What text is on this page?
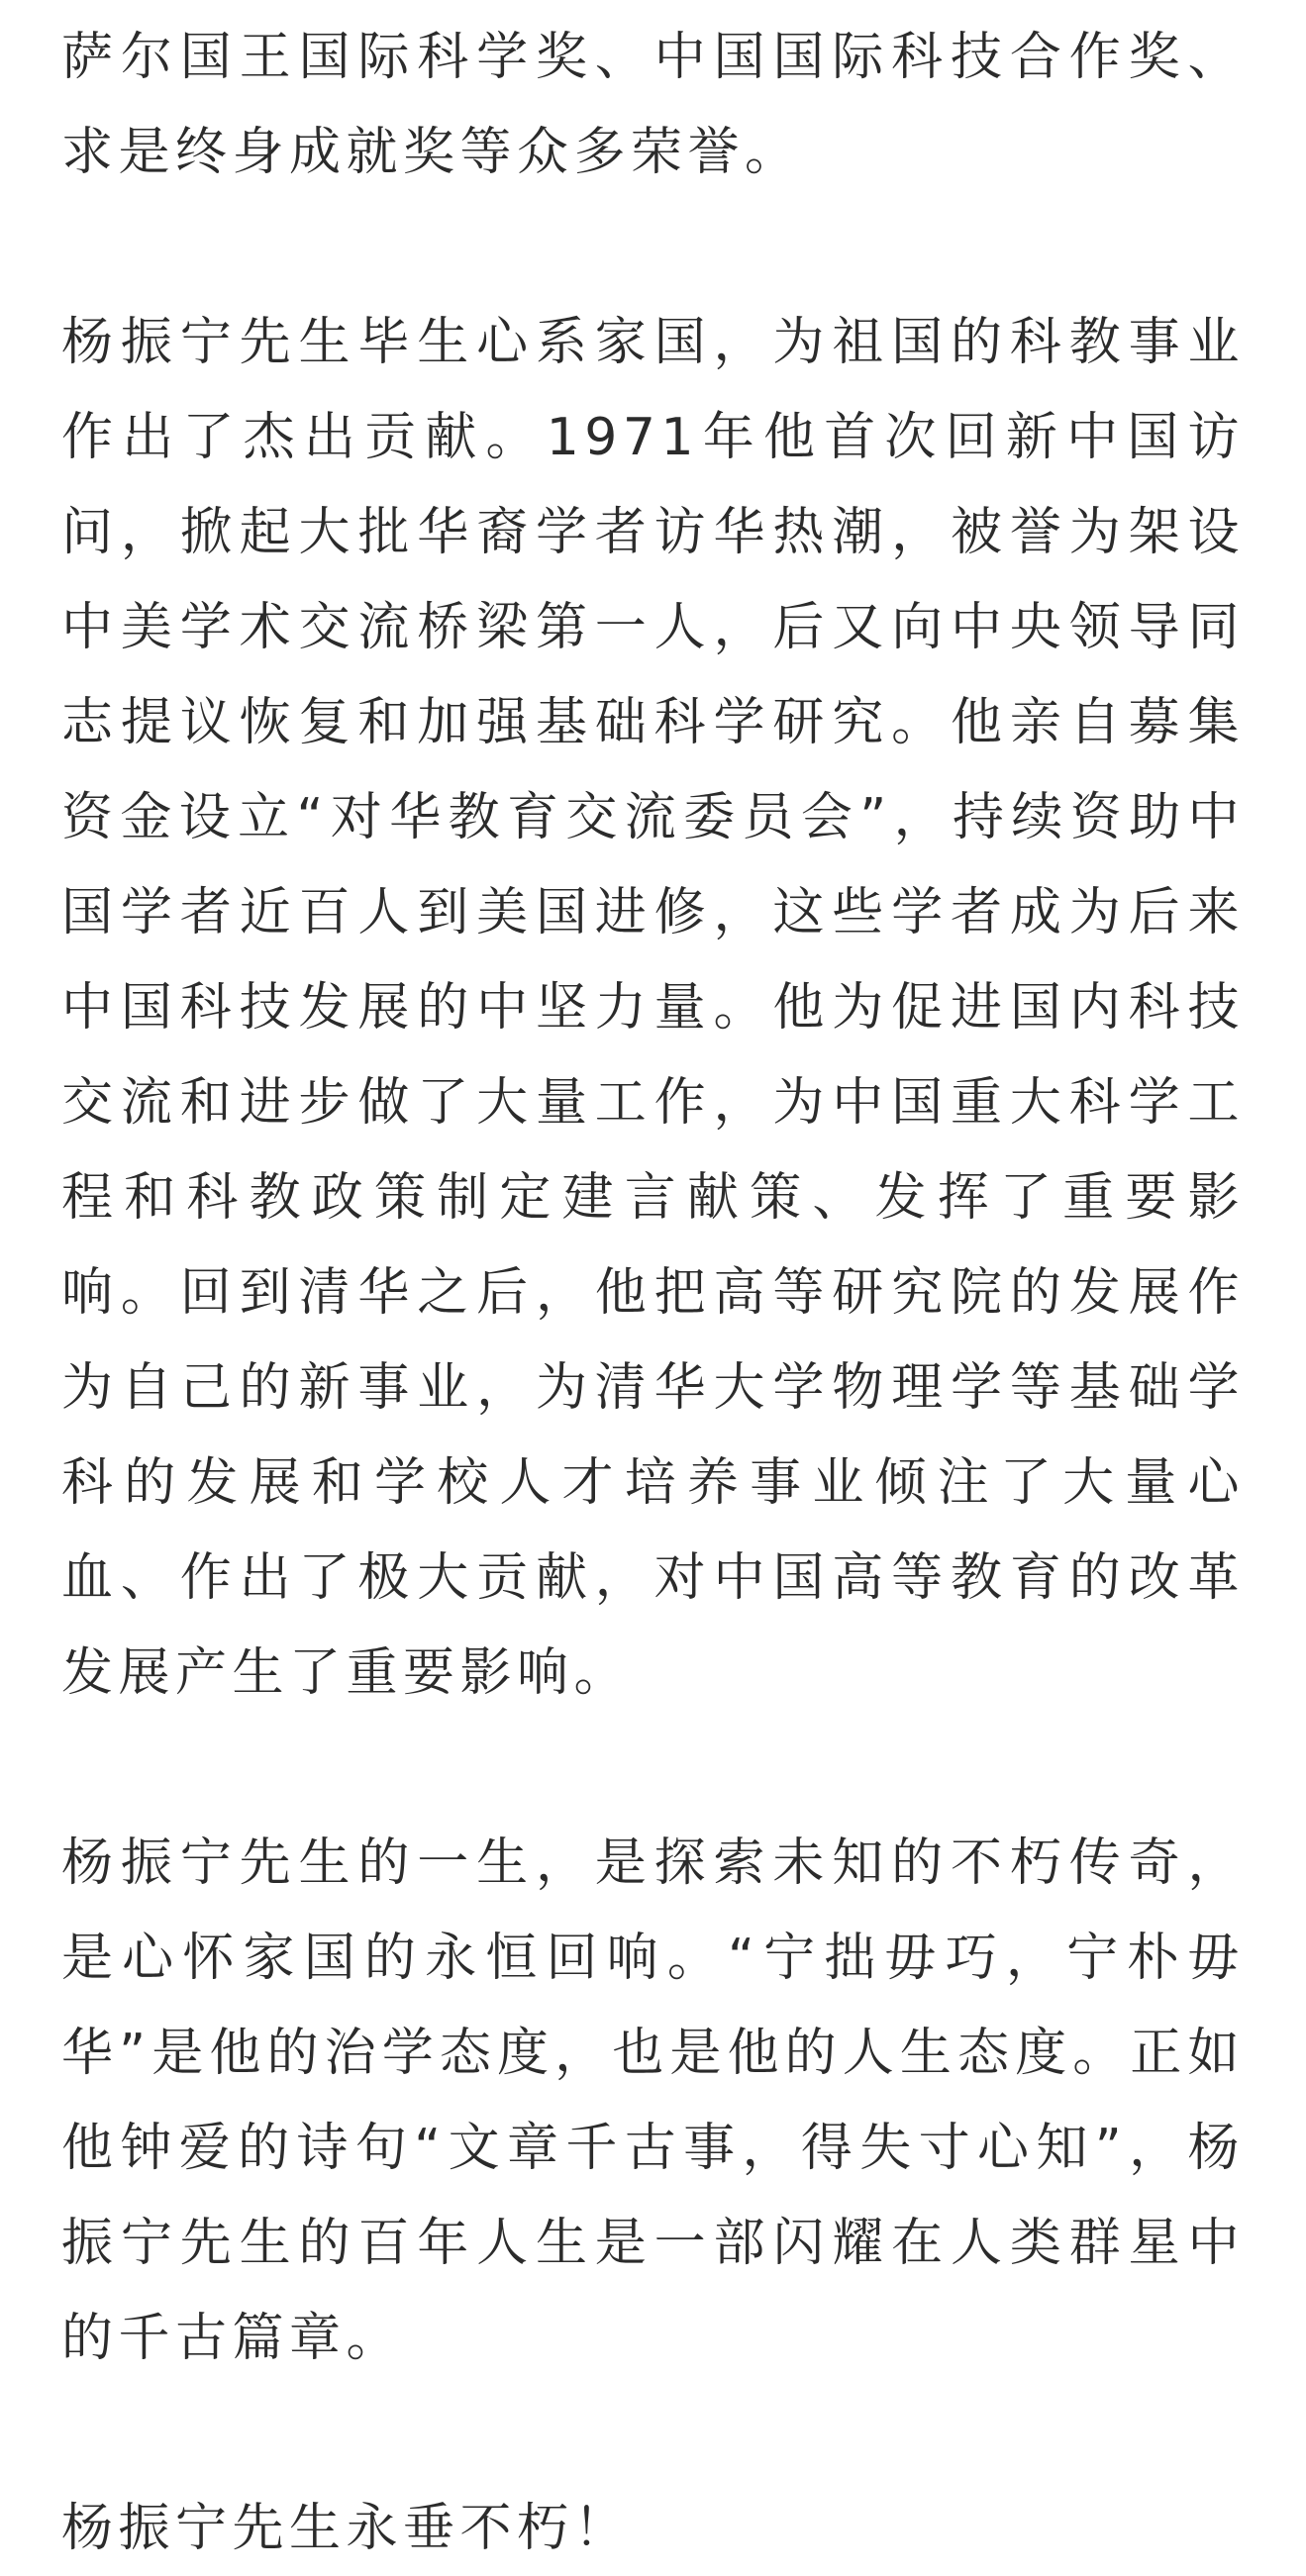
萨尔国王国际科学奖、中国国际科技合作奖、求是终身成就奖等众多荣誉。

杨振宁先生毕生心系家国，为祖国的科教事业作出了杰出贡献。1971年他首次回新中国访问，掀起大批华裔学者访华热潮，被誉为架设中美学术交流桥梁第一人，后又向中央领导同志提议恢复和加强基础科学研究。他亲自募集资金设立“对华教育交流委员会”，持续资助中国学者近百人到美国进修，这些学者成为后来中国科技发展的中坚力量。他为促进国内科技交流和进步做了大量工作，为中国重大科学工程和科教政策制定建言献策、发挥了重要影响。回到清华之后，他把高等研究院的发展作为自己的新事业，为清华大学物理学等基础学科的发展和学校人才培养事业倾注了大量心血、作出了极大贡献，对中国高等教育的改革发展产生了重要影响。

杨振宁先生的一生，是探索未知的不朽传奇，是心怀家国的永恒回响。“宁拙毋巧，宁朴毋华”是他的治学态度，也是他的人生态度。正如他钟爱的诗句“文章千古事，得失寸心知”，杨振宁先生的百年人生是一部闪耀在人类群星中的千古篇章。

杨振宁先生永垂不朽！
